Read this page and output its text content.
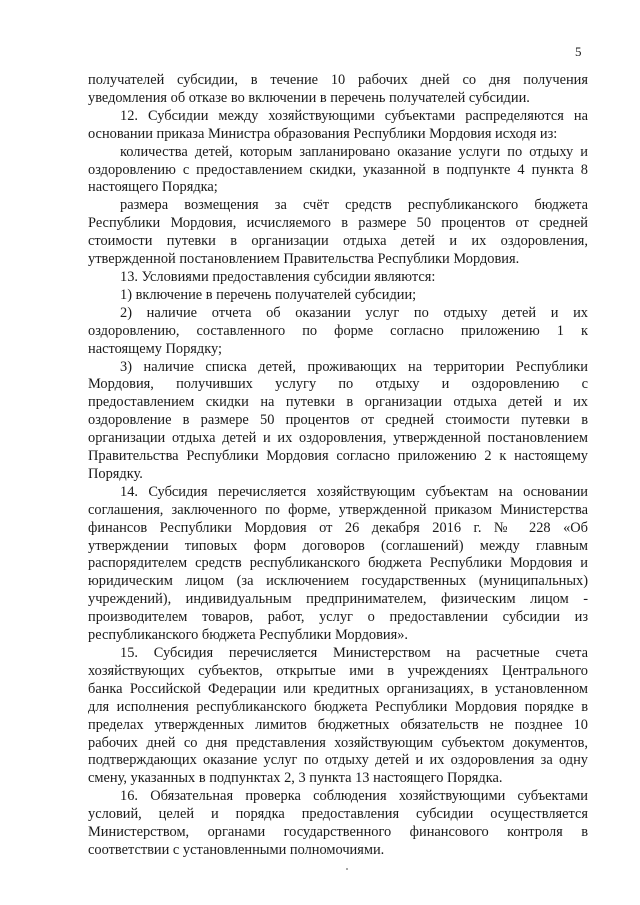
5

получателей субсидии, в течение 10 рабочих дней со дня получения
уведомления об отказе во включении в перечень получателей субсидии.

12. Субсидии между хозяйствующими субъектами распределяются на
основании приказа Министра образования Республики Мордовия исходя из:

количества детей, которым запланировано оказание услуги по отдыху и
оздоровлению с предоставлением скидки, указанной в подпункте 4 пункта 8
настоящего Порядка;

размера возмещения за счёт средств республиканского бюджета
Республики Мордовия, исчисляемого в размере 50 процентов от средней
стоимости путевки в организации отдыха детей и их оздоровления,
утвержденной постановлением Правительства Республики Мордовия.

13. Условиями предоставления субсидии являются:

1) включение в перечень получателей субсидии;

2) наличие отчета об оказании услуг по отдыху детей и их
оздоровлению, составленного по форме согласно приложению 1 к
настоящему Порядку;

3) наличие списка детей, проживающих на территории Республики
Мордовия, получивших услугу по отдыху и оздоровлению с
предоставлением скидки на путевки в организации отдыха детей и их
оздоровление в размере 50 процентов от средней стоимости путевки в
организации отдыха детей и их оздоровления, утвержденной постановлением
Правительства Республики Мордовия согласно приложению 2 к настоящему
Порядку.

14. Субсидия перечисляется хозяйствующим субъектам на основании
соглашения, заключенного по форме, утвержденной приказом Министерства
финансов Республики Мордовия от 26 декабря 2016 г. № 228 «Об
утверждении типовых форм договоров (соглашений) между главным
распорядителем средств республиканского бюджета Республики Мордовия и
юридическим лицом (за исключением государственных (муниципальных)
учреждений), индивидуальным предпринимателем, физическим лицом -
производителем товаров, работ, услуг о предоставлении субсидии из
республиканского бюджета Республики Мордовия».

15. Субсидия перечисляется Министерством на расчетные счета
хозяйствующих субъектов, открытые ими в учреждениях Центрального
банка Российской Федерации или кредитных организациях, в установленном
для исполнения республиканского бюджета Республики Мордовия порядке в
пределах утвержденных лимитов бюджетных обязательств не позднее 10
рабочих дней со дня представления хозяйствующим субъектом документов,
подтверждающих оказание услуг по отдыху детей и их оздоровления за одну
смену, указанных в подпунктах 2, 3 пункта 13 настоящего Порядка.

16. Обязательная проверка соблюдения хозяйствующими субъектами
условий, целей и порядка предоставления субсидии осуществляется
Министерством, органами государственного финансового контроля в
соответствии с установленными полномочиями.
